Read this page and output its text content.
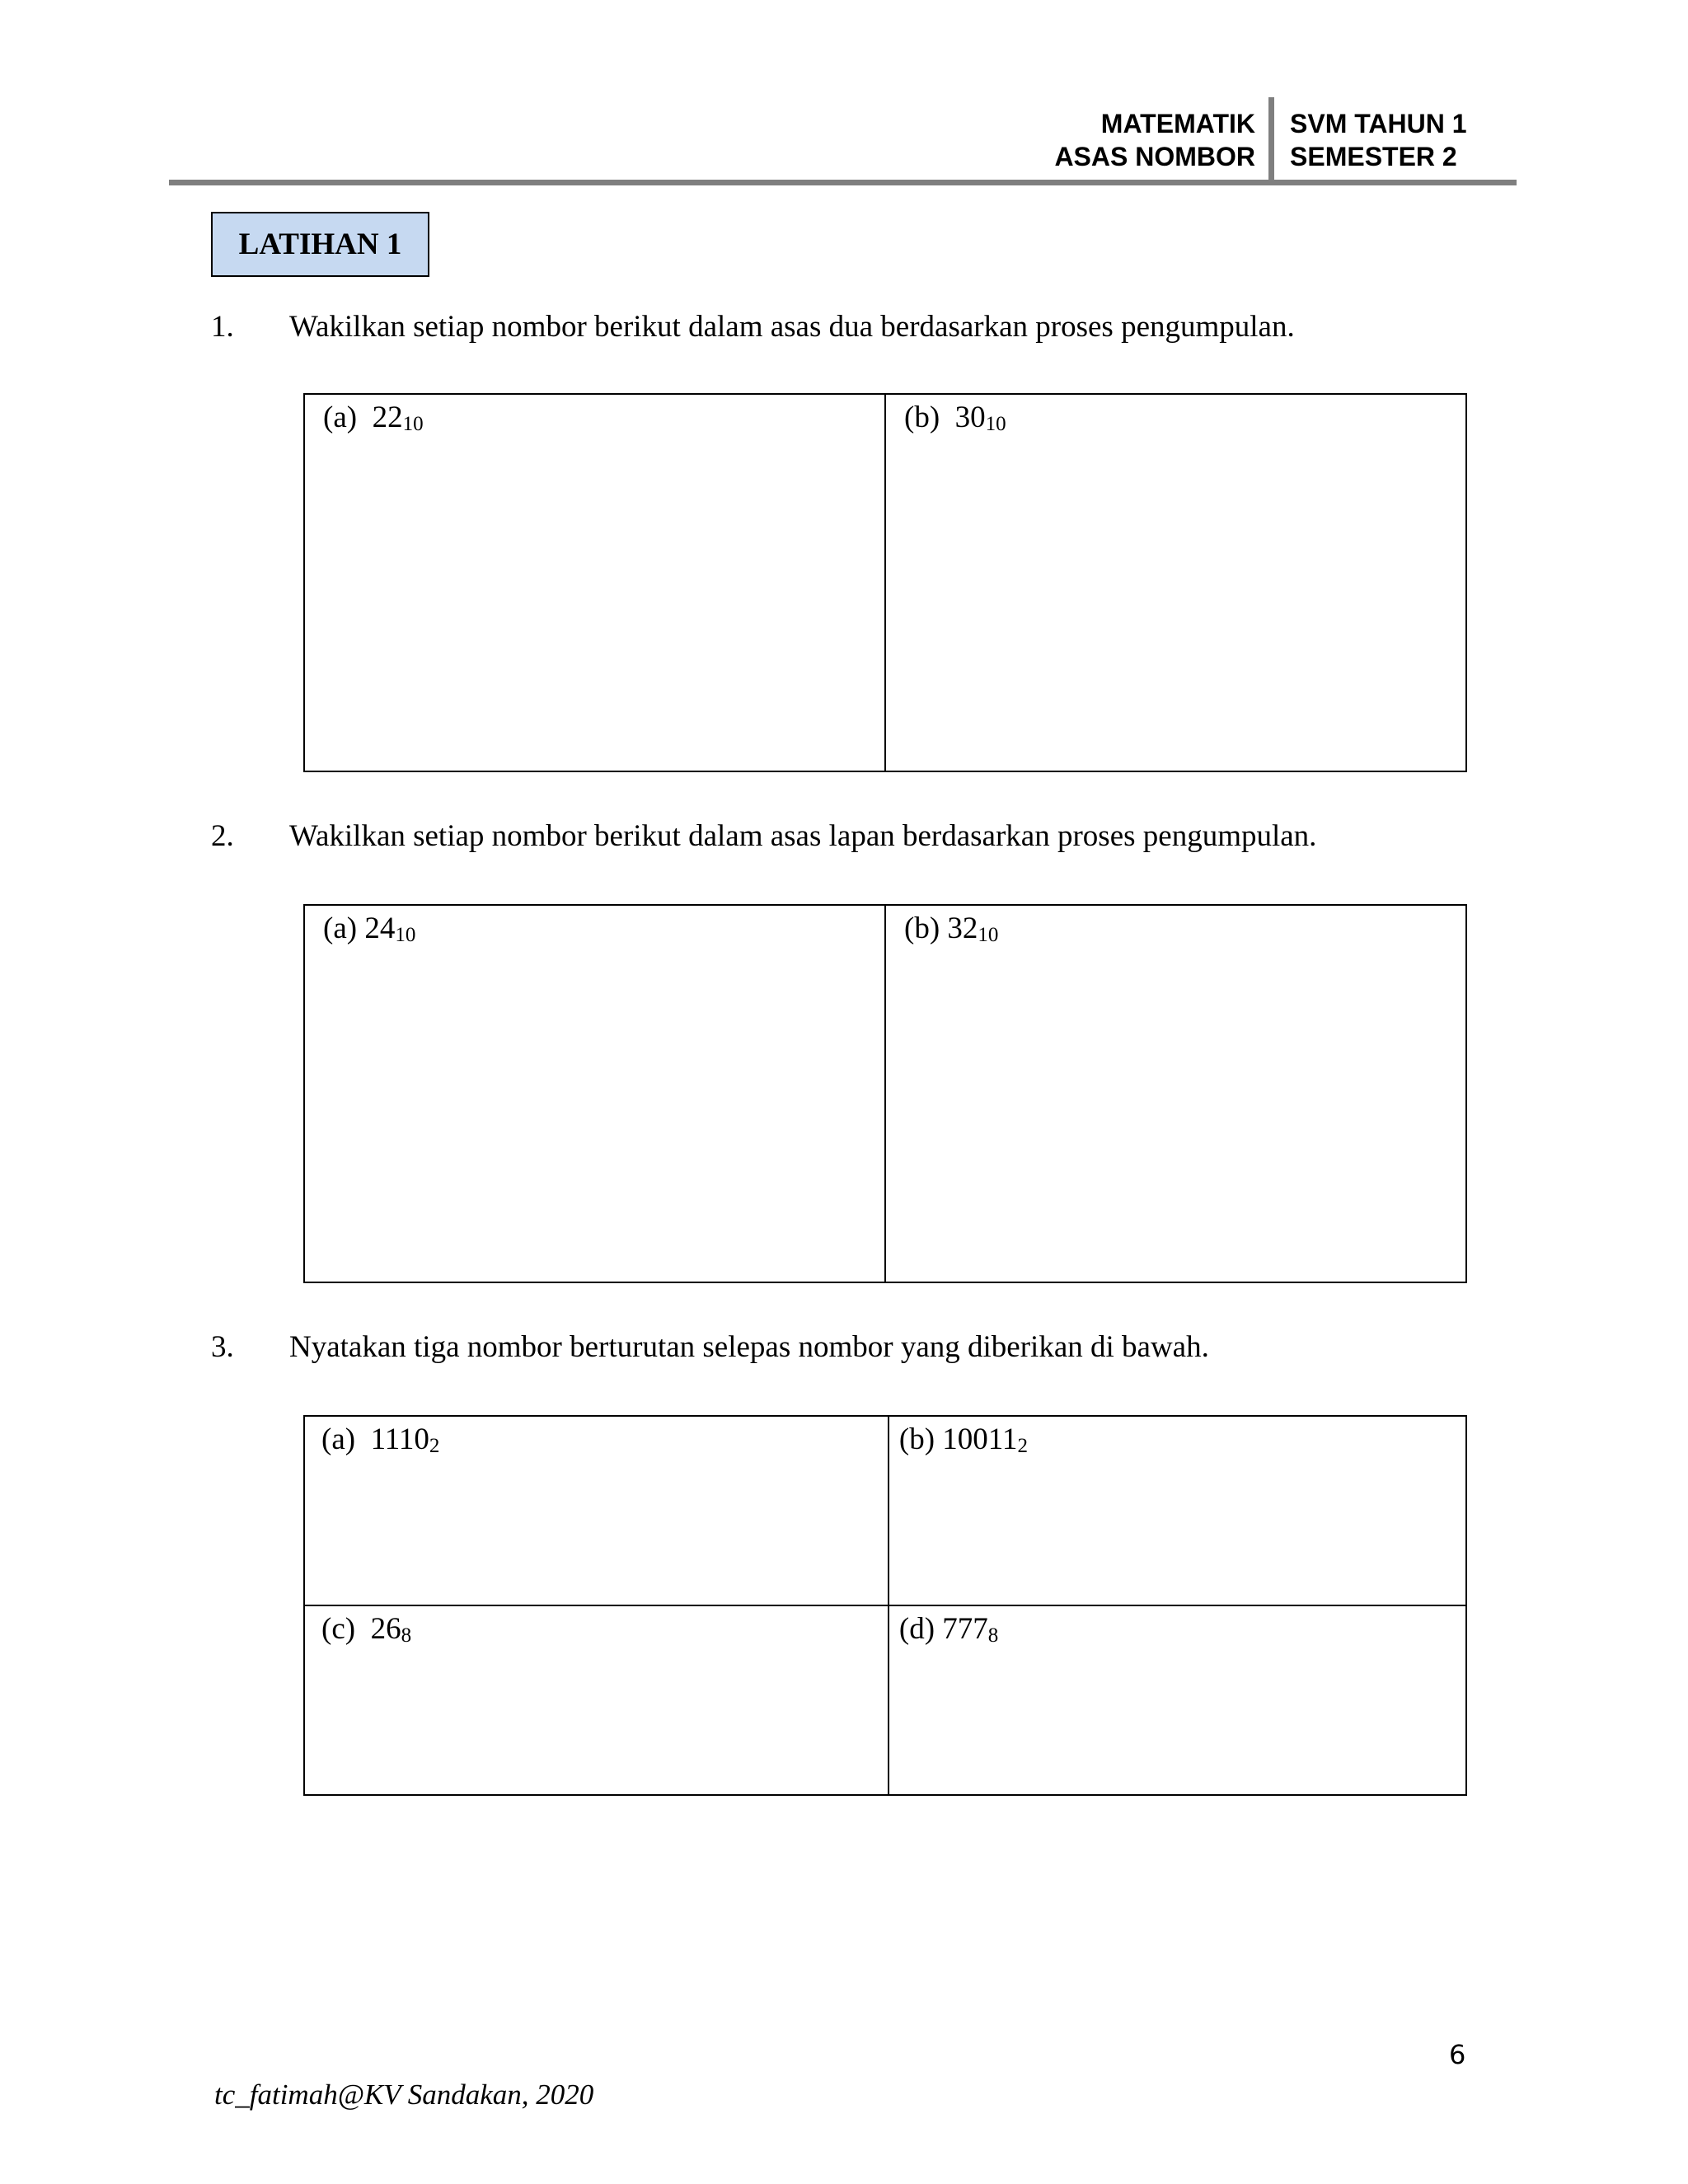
MATEMATIK
ASAS NOMBOR
SVM TAHUN 1
SEMESTER 2
LATIHAN 1
1. Wakilkan setiap nombor berikut dalam asas dua berdasarkan proses pengumpulan.
(a) $22_{10}$	(b) $30_{10}$
2. Wakilkan setiap nombor berikut dalam asas lapan berdasarkan proses pengumpulan.
(a) $24_{10}$	(b) $32_{10}$
3. Nyatakan tiga nombor berturutan selepas nombor yang diberikan di bawah.
(a) $1110_2$	(b) $10011_2$
(c) $26_8$	(d) $777_8$
6
tc_fatimah@KV Sandakan, 2020
